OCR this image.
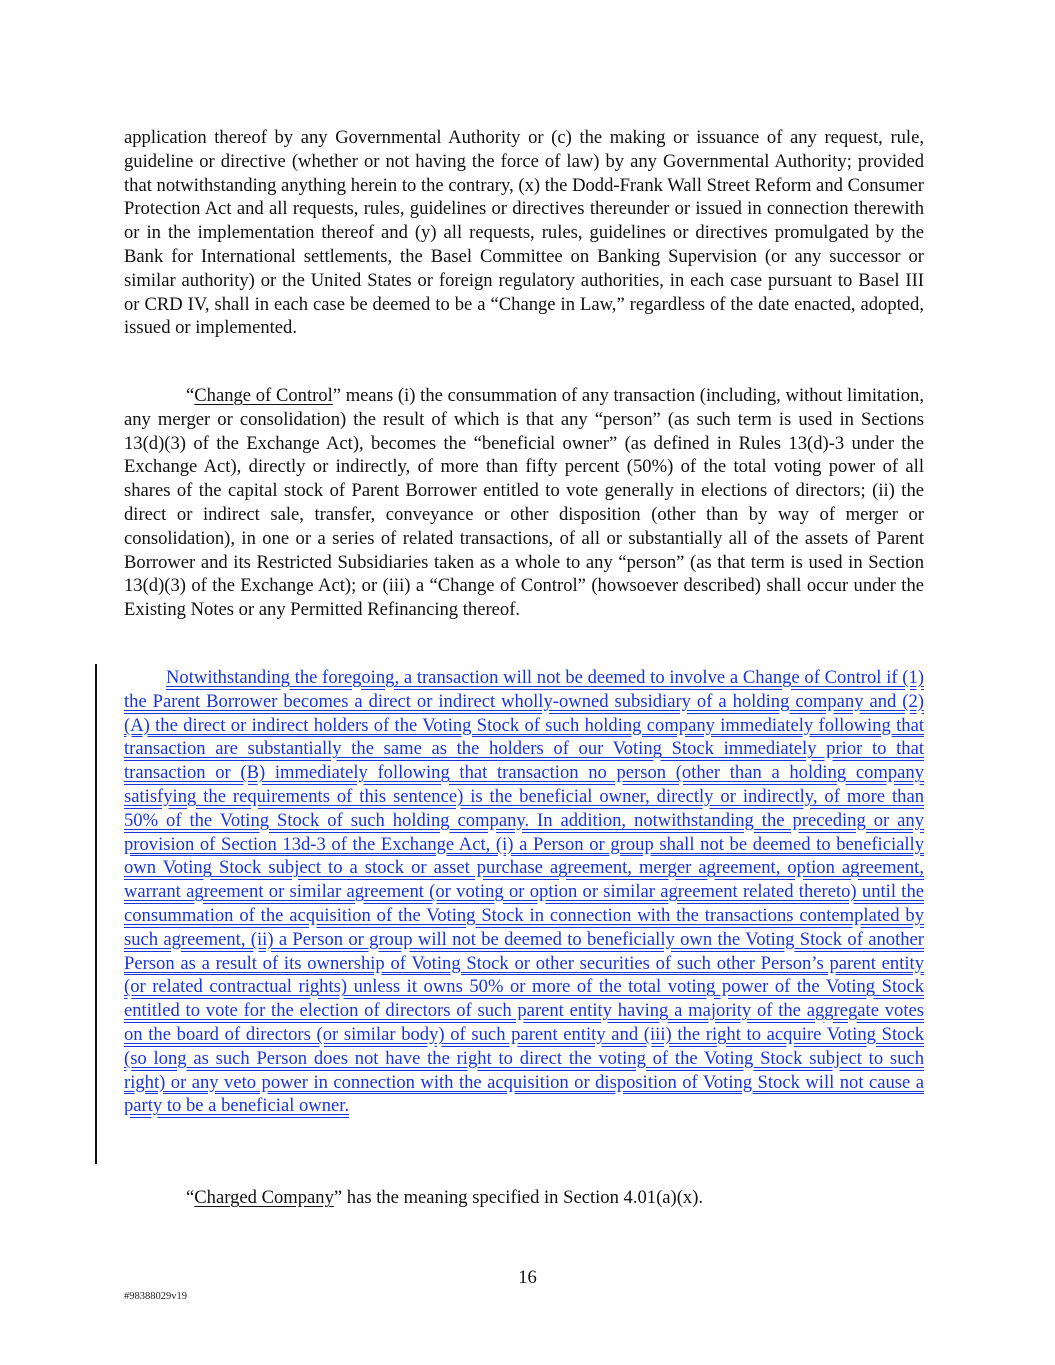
application thereof by any Governmental Authority or (c) the making or issuance of any request, rule, guideline or directive (whether or not having the force of law) by any Governmental Authority; provided that notwithstanding anything herein to the contrary, (x) the Dodd-Frank Wall Street Reform and Consumer Protection Act and all requests, rules, guidelines or directives thereunder or issued in connection therewith or in the implementation thereof and (y) all requests, rules, guidelines or directives promulgated by the Bank for International settlements, the Basel Committee on Banking Supervision (or any successor or similar authority) or the United States or foreign regulatory authorities, in each case pursuant to Basel III or CRD IV, shall in each case be deemed to be a “Change in Law,” regardless of the date enacted, adopted, issued or implemented.

“Change of Control” means (i) the consummation of any transaction (including, without limitation, any merger or consolidation) the result of which is that any “person” (as such term is used in Sections 13(d)(3) of the Exchange Act), becomes the “beneficial owner” (as defined in Rules 13(d)-3 under the Exchange Act), directly or indirectly, of more than fifty percent (50%) of the total voting power of all shares of the capital stock of Parent Borrower entitled to vote generally in elections of directors; (ii) the direct or indirect sale, transfer, conveyance or other disposition (other than by way of merger or consolidation), in one or a series of related transactions, of all or substantially all of the assets of Parent Borrower and its Restricted Subsidiaries taken as a whole to any “person” (as that term is used in Section 13(d)(3) of the Exchange Act); or (iii) a “Change of Control” (howsoever described) shall occur under the Existing Notes or any Permitted Refinancing thereof.

Notwithstanding the foregoing, a transaction will not be deemed to involve a Change of Control if (1) the Parent Borrower becomes a direct or indirect wholly-owned subsidiary of a holding company and (2)(A) the direct or indirect holders of the Voting Stock of such holding company immediately following that transaction are substantially the same as the holders of our Voting Stock immediately prior to that transaction or (B) immediately following that transaction no person (other than a holding company satisfying the requirements of this sentence) is the beneficial owner, directly or indirectly, of more than 50% of the Voting Stock of such holding company. In addition, notwithstanding the preceding or any provision of Section 13d-3 of the Exchange Act, (i) a Person or group shall not be deemed to beneficially own Voting Stock subject to a stock or asset purchase agreement, merger agreement, option agreement, warrant agreement or similar agreement (or voting or option or similar agreement related thereto) until the consummation of the acquisition of the Voting Stock in connection with the transactions contemplated by such agreement, (ii) a Person or group will not be deemed to beneficially own the Voting Stock of another Person as a result of its ownership of Voting Stock or other securities of such other Person’s parent entity (or related contractual rights) unless it owns 50% or more of the total voting power of the Voting Stock entitled to vote for the election of directors of such parent entity having a majority of the aggregate votes on the board of directors (or similar body) of such parent entity and (iii) the right to acquire Voting Stock (so long as such Person does not have the right to direct the voting of the Voting Stock subject to such right) or any veto power in connection with the acquisition or disposition of Voting Stock will not cause a party to be a beneficial owner.

“Charged Company” has the meaning specified in Section 4.01(a)(x).

16
#98388029v19
